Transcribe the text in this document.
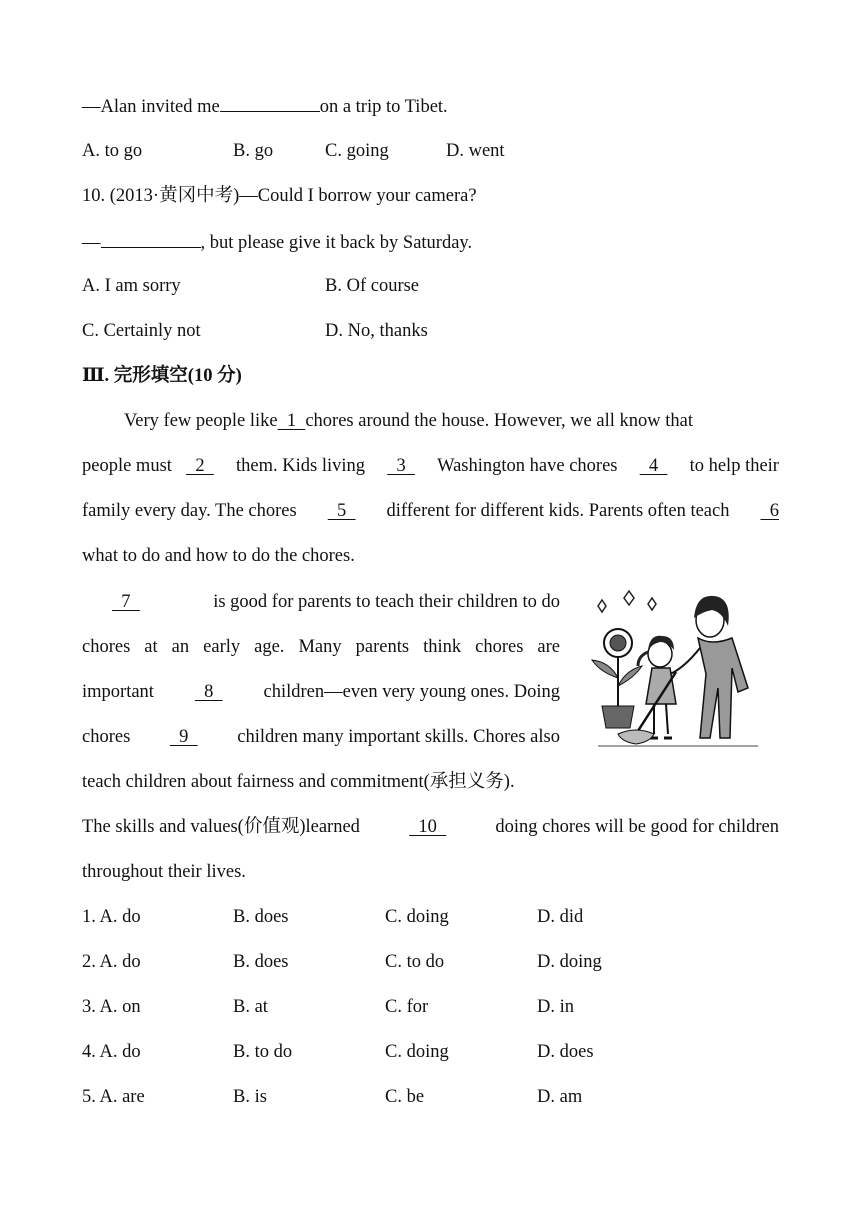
—Alan invited me	on a trip to Tibet.
A. to go	B. go	C. going	D. went
10. (2013·黄冈中考)—Could I borrow your camera?
—	, but please give it back by Saturday.
A. I am sorry	B. Of course
C. Certainly not	D. No, thanks
Ⅲ. 完形填空(10 分)
Very few people like 1 chores around the house. However, we all know that
people must 2 them. Kids living 3 Washington have chores 4 to help their
family every day. The chores 5 different for different kids. Parents often teach 6
what to do and how to do the chores.
7	is good for parents to teach their children to do
chores at an early age. Many parents think chores are
important 8 children—even very young ones. Doing
chores 9 children many important skills. Chores also
teach children about fairness and commitment(承担义务).
The skills and values(价值观)learned	10	doing chores will be good for children
throughout their lives.
1. A. do	B. does	C. doing	D. did
2. A. do	B. does	C. to do	D. doing
3. A. on	B. at	C. for	D. in
4. A. do	B. to do	C. doing	D. does
5. A. are	B. is	C. be	D. am
